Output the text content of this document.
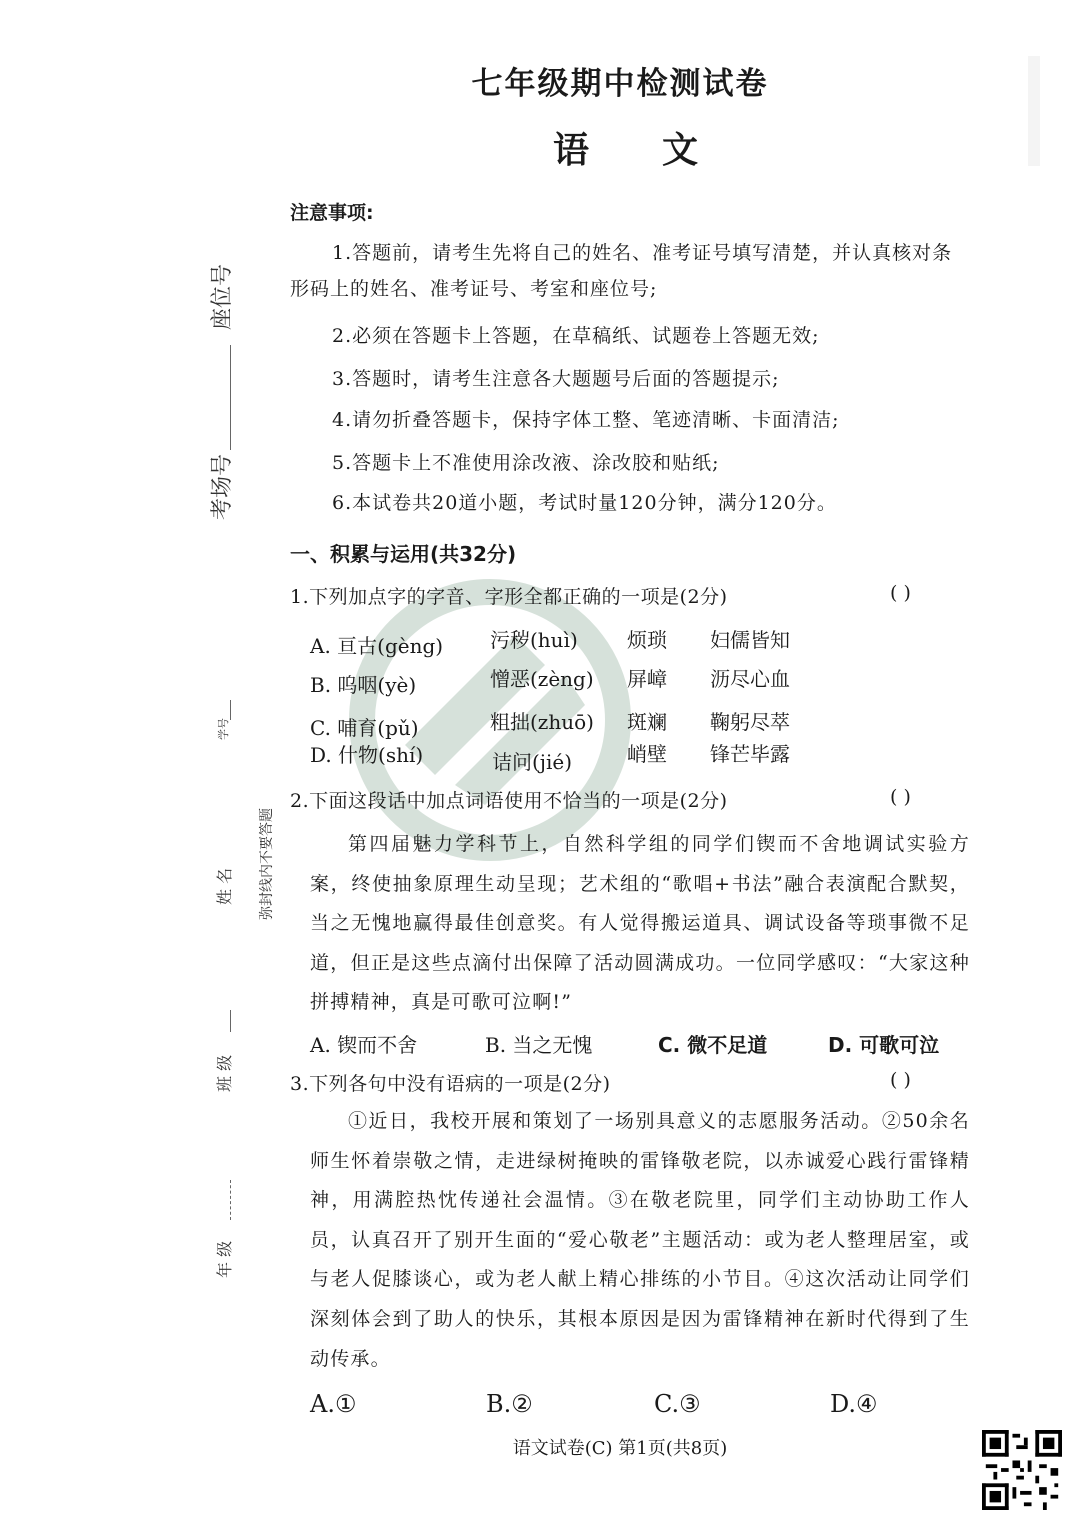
七年级期中检测试卷
语 文
座位号
考场号
学号
姓 名 弥封线内不要答题
班 级
年 级
注意事项:
1.答题前，请考生先将自己的姓名、准考证号填写清楚，并认真核对条
形码上的姓名、准考证号、考室和座位号;
2.必须在答题卡上答题，在草稿纸、试题卷上答题无效;
3.答题时，请考生注意各大题题号后面的答题提示;
4.请勿折叠答题卡，保持字体工整、笔迹清晰、卡面清洁;
5.答题卡上不准使用涂改液、涂改胶和贴纸;
6.本试卷共20道小题，考试时量120分钟，满分120分。
一、积累与运用(共32分)
1.下列加点字的字音、字形全都正确的一项是(2分)	( )
A. 亘古(gèng) 污秽(huì) 烦琐 妇儒皆知
B. 呜咽(yè)	憎恶(zèng) 屏嶂 沥尽心血
C. 哺育(pǔ)	粗拙(zhuō) 斑斓 鞠躬尽萃
D. 什物(shí)	诘问(jié)	峭壁 锋芒毕露
2.下面这段话中加点词语使用不恰当的一项是(2分)	( )
第四届魅力学科节上，自然科学组的同学们锲而不舍地调试实验方案，终使抽象原理生动呈现；艺术组的“歌唱+书法”融合表演配合默契，当之无愧地赢得最佳创意奖。有人觉得搬运道具、调试设备等琐事微不足道，但正是这些点滴付出保障了活动圆满成功。一位同学感叹：“大家这种拼搏精神，真是可歌可泣啊!”
A. 锲而不舍	B. 当之无愧	C. 微不足道	D. 可歌可泣
3.下列各句中没有语病的一项是(2分)	( )
①近日，我校开展和策划了一场别具意义的志愿服务活动。②50余名师生怀着崇敬之情，走进绿树掩映的雷锋敬老院，以赤诚爱心践行雷锋精神，用满腔热忱传递社会温情。③在敬老院里，同学们主动协助工作人员，认真召开了别开生面的“爱心敬老”主题活动：或为老人整理居室，或与老人促膝谈心，或为老人献上精心排练的小节目。④这次活动让同学们深刻体会到了助人的快乐，其根本原因是因为雷锋精神在新时代得到了生动传承。
A.①	B.②	C.③	D.④
语文试卷(C) 第1页(共8页)
